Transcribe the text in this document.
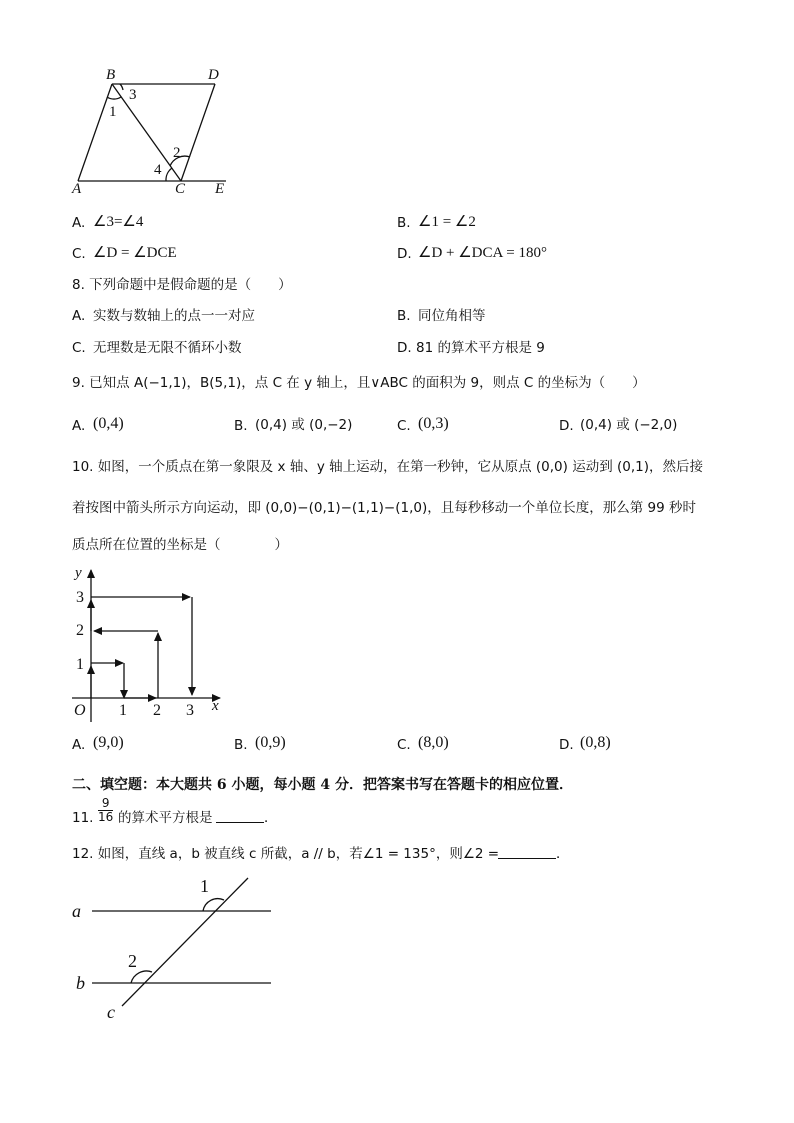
B	D
A	C E
1
2
3
4
A. ∠3=∠4	B. ∠1 = ∠2
C. ∠D = ∠DCE	D. ∠D + ∠DCA = 180°
8. 下列命题中是假命题的是（　　）
A. 实数与数轴上的点一一对应	B. 同位角相等
C. 无理数是无限不循环小数	D. 81 的算术平方根是 9
9. 已知点 A(−1,1)，B(5,1)，点 C 在 y 轴上，且∨ABC 的面积为 9，则点 C 的坐标为（　　）
A. (0,4)	B. (0,4) 或 (0,−2)	C. (0,3)	D. (0,4) 或 (−2,0)
10. 如图，一个质点在第一象限及 x 轴、y 轴上运动，在第一秒钟，它从原点 (0,0) 运动到 (0,1)，然后接
着按图中箭头所示方向运动，即 (0,0)−(0,1)−(1,1)−(1,0)，且每秒移动一个单位长度，那么第 99 秒时
质点所在位置的坐标是（　　　　）
y
x
O 1 2 3
1
2
3
A. (9,0)	B. (0,9)	C. (8,0)	D. (0,8)
二、填空题：本大题共 6 小题，每小题 4 分．把答案书写在答题卡的相应位置．
11. $\frac{9}{16}$ 的算术平方根是	．
12. 如图，直线 a，b 被直线 c 所截，a // b，若∠1 = 135°，则∠2 =	．
a
b
c
1
2
